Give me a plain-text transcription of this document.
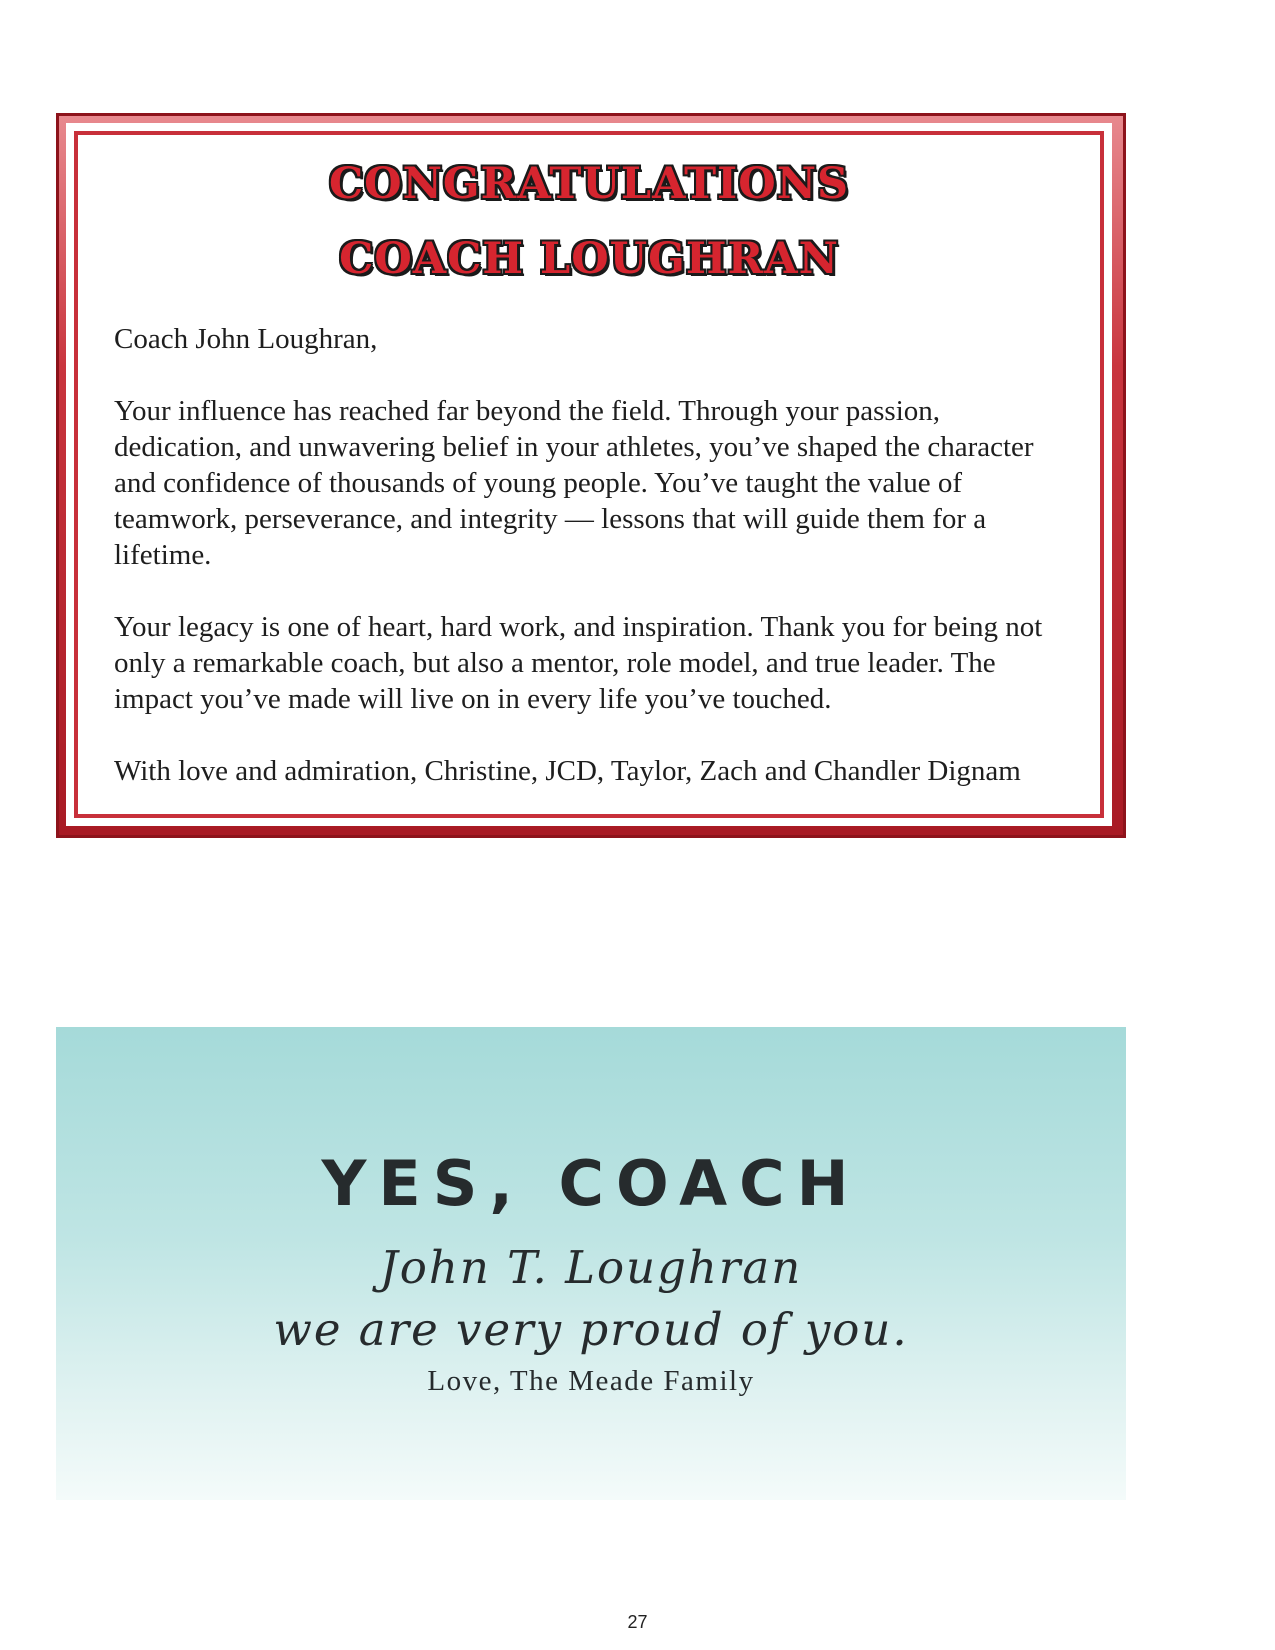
CONGRATULATIONS
COACH LOUGHRAN

Coach John Loughran,

Your influence has reached far beyond the field. Through your passion, dedication, and unwavering belief in your athletes, you’ve shaped the character and confidence of thousands of young people. You’ve taught the value of teamwork, perseverance, and integrity — lessons that will guide them for a lifetime.

Your legacy is one of heart, hard work, and inspiration. Thank you for being not only a remarkable coach, but also a mentor, role model, and true leader. The impact you’ve made will live on in every life you’ve touched.

With love and admiration, Christine, JCD, Taylor, Zach and Chandler Dignam

YES, COACH

John T. Loughran

we are very proud of you.

Love, The Meade Family

27
